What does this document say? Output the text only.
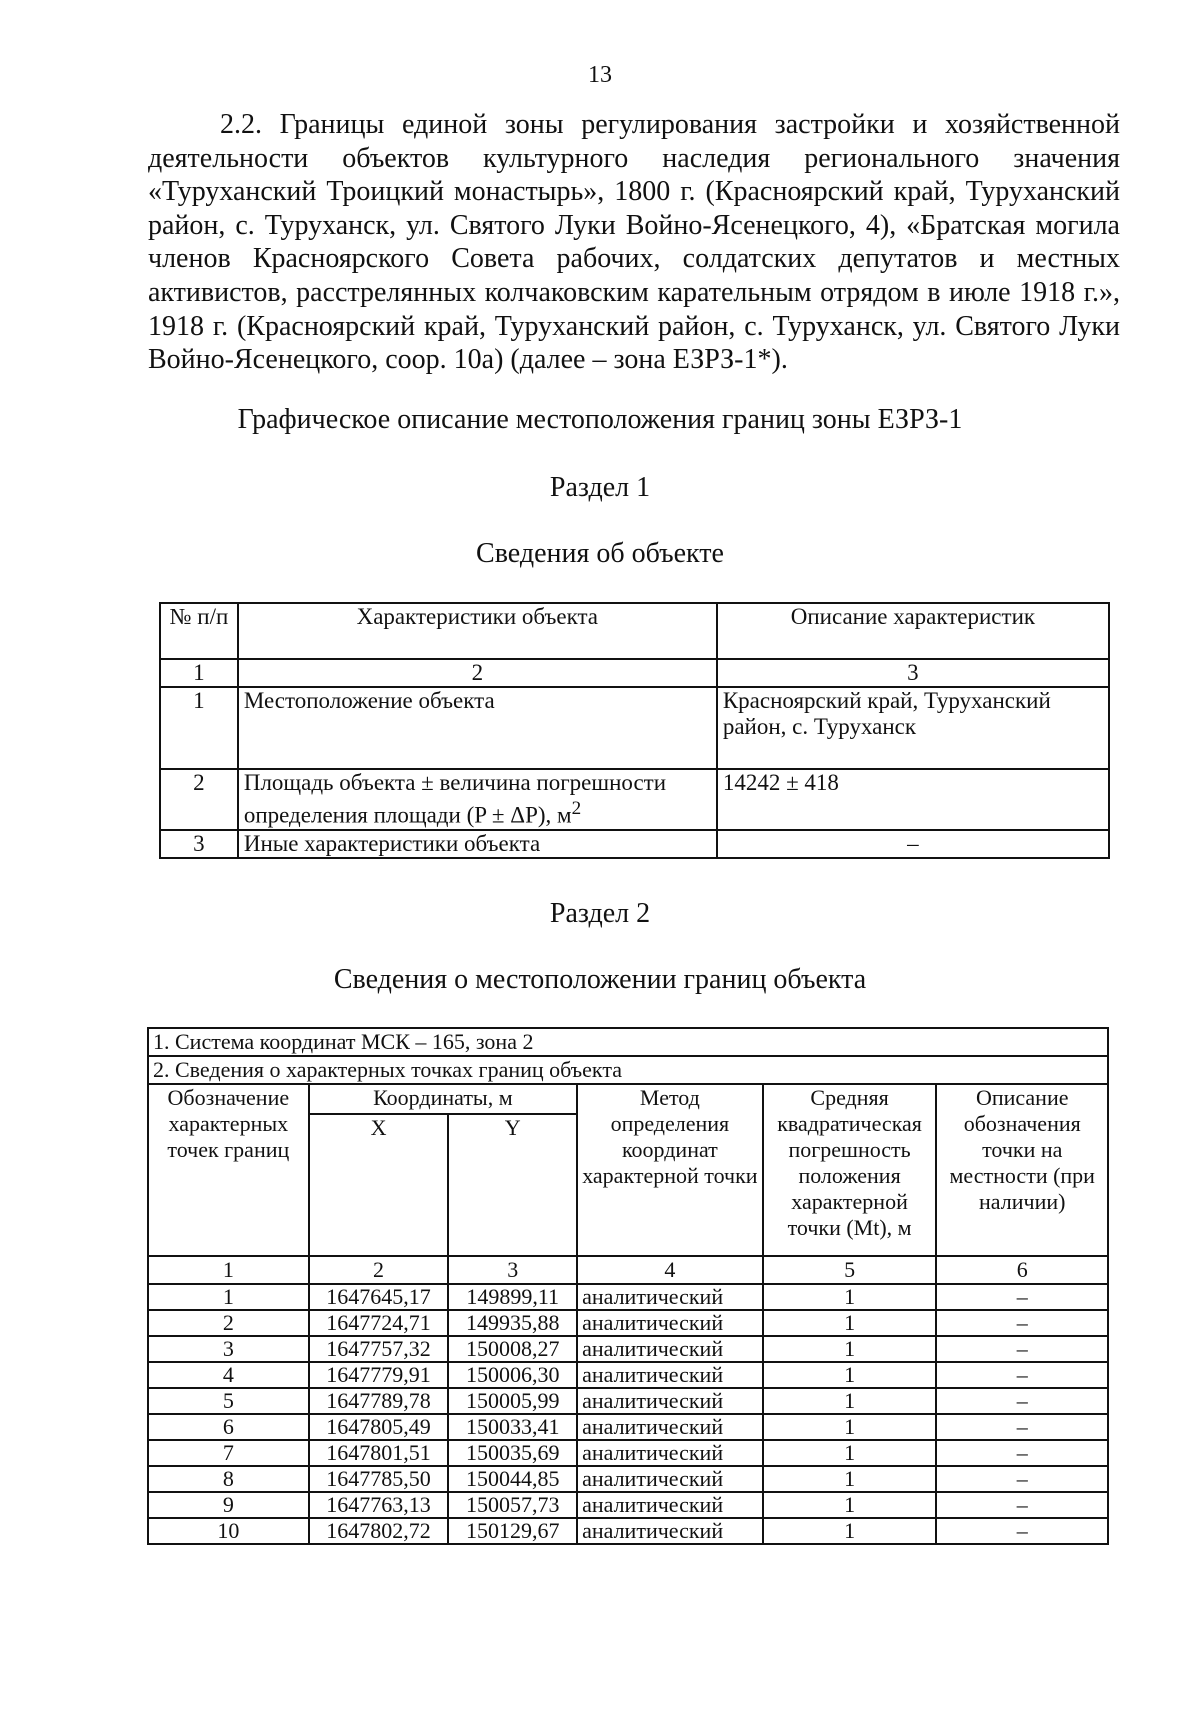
13

2.2. Границы единой зоны регулирования застройки и хозяйственной деятельности объектов культурного наследия регионального значения «Туруханский Троицкий монастырь», 1800 г. (Красноярский край, Туруханский район, с. Туруханск, ул. Святого Луки Войно-Ясенецкого, 4), «Братская могила членов Красноярского Совета рабочих, солдатских депутатов и местных активистов, расстрелянных колчаковским карательным отрядом в июле 1918 г.», 1918 г. (Красноярский край, Туруханский район, с. Туруханск, ул. Святого Луки Войно-Ясенецкого, соор. 10а) (далее – зона ЕЗРЗ-1*).

Графическое описание местоположения границ зоны ЕЗРЗ-1

Раздел 1

Сведения об объекте

№ п/п	Характеристики объекта	Описание характеристик
1	2	3
1	Местоположение объекта	Красноярский край, Туруханский район, с. Туруханск
2	Площадь объекта ± величина погрешности определения площади (P ± ΔP), $м^2$	14242 ± 418
3	Иные характеристики объекта	–

Раздел 2

Сведения о местоположении границ объекта

1. Система координат МСК – 165, зона 2					
2. Сведения о характерных точках границ объекта					
Обозначение характерных точек границ	Координаты, м		Метод определения координат характерной точки	Средняя квадратическая погрешность положения характерной точки (Mt), м	Описание обозначения точки на местности (при наличии)
	X	Y			
1	2	3	4	5	6
1	1647645,17	149899,11	аналитический	1	–
2	1647724,71	149935,88	аналитический	1	–
3	1647757,32	150008,27	аналитический	1	–
4	1647779,91	150006,30	аналитический	1	–
5	1647789,78	150005,99	аналитический	1	–
6	1647805,49	150033,41	аналитический	1	–
7	1647801,51	150035,69	аналитический	1	–
8	1647785,50	150044,85	аналитический	1	–
9	1647763,13	150057,73	аналитический	1	–
10	1647802,72	150129,67	аналитический	1	–
